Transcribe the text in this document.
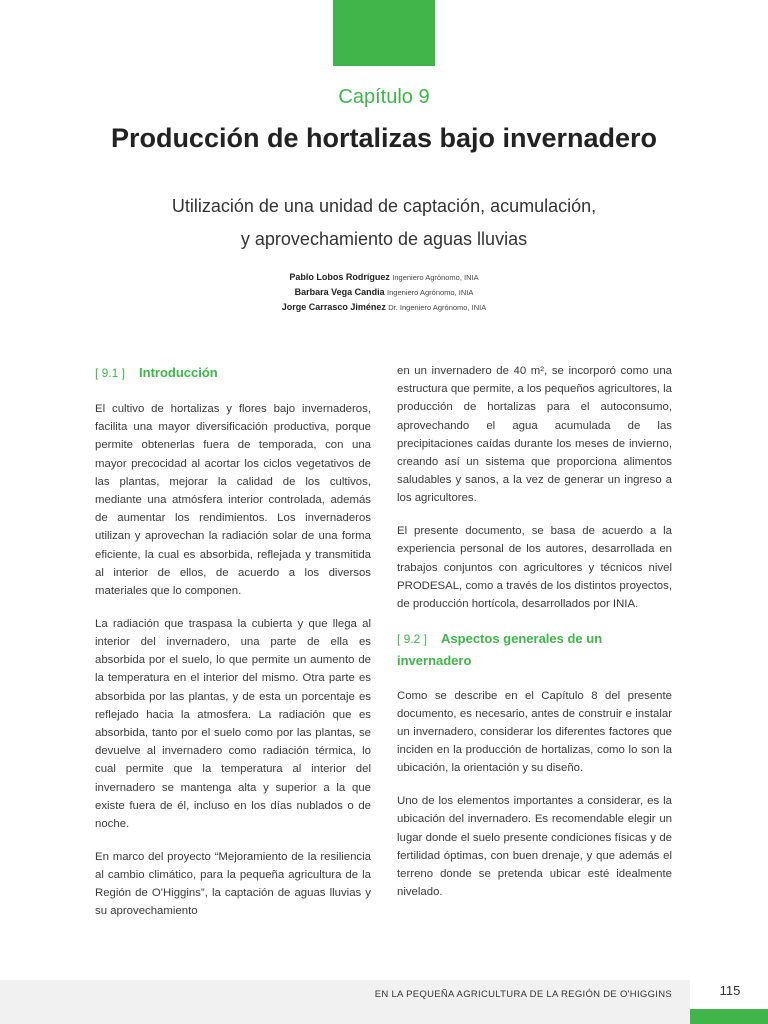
Capítulo 9
Producción de hortalizas bajo invernadero
Utilización de una unidad de captación, acumulación,
y aprovechamiento de aguas lluvias
Pablo Lobos Rodríguez Ingeniero Agrónomo, INIA
Barbara Vega Candia Ingeniero Agrónomo, INIA
Jorge Carrasco Jiménez Dr. Ingeniero Agrónomo, INIA
[ 9.1 ] Introducción

El cultivo de hortalizas y flores bajo invernaderos, facilita una mayor diversificación productiva, porque permite obtenerlas fuera de temporada, con una mayor precocidad al acortar los ciclos vegetativos de las plantas, mejorar la calidad de los cultivos, mediante una atmósfera interior controlada, además de aumentar los rendimientos. Los invernaderos utilizan y aprovechan la radiación solar de una forma eficiente, la cual es absorbida, reflejada y transmitida al interior de ellos, de acuerdo a los diversos materiales que lo componen.

La radiación que traspasa la cubierta y que llega al interior del invernadero, una parte de ella es absorbida por el suelo, lo que permite un aumento de la temperatura en el interior del mismo. Otra parte es absorbida por las plantas, y de esta un porcentaje es reflejado hacia la atmosfera. La radiación que es absorbida, tanto por el suelo como por las plantas, se devuelve al invernadero como radiación térmica, lo cual permite que la temperatura al interior del invernadero se mantenga alta y superior a la que existe fuera de él, incluso en los días nublados o de noche.

En marco del proyecto “Mejoramiento de la resiliencia al cambio climático, para la pequeña agricultura de la Región de O'Higgins”, la captación de aguas lluvias y su aprovechamiento

en un invernadero de 40 m², se incorporó como una estructura que permite, a los pequeños agricultores, la producción de hortalizas para el autoconsumo, aprovechando el agua acumulada de las precipitaciones caídas durante los meses de invierno, creando así un sistema que proporciona alimentos saludables y sanos, a la vez de generar un ingreso a los agricultores.

El presente documento, se basa de acuerdo a la experiencia personal de los autores, desarrollada en trabajos conjuntos con agricultores y técnicos nivel PRODESAL, como a través de los distintos proyectos, de producción hortícola, desarrollados por INIA.

[ 9.2 ] Aspectos generales de un invernadero

Como se describe en el Capítulo 8 del presente documento, es necesario, antes de construir e instalar un invernadero, considerar los diferentes factores que inciden en la producción de hortalizas, como lo son la ubicación, la orientación y su diseño.

Uno de los elementos importantes a considerar, es la ubicación del invernadero. Es recomendable elegir un lugar donde el suelo presente condiciones físicas y de fertilidad óptimas, con buen drenaje, y que además el terreno donde se pretenda ubicar esté idealmente nivelado.

EN LA PEQUEÑA AGRICULTURA DE LA REGIÓN DE O'HIGGINS	115
